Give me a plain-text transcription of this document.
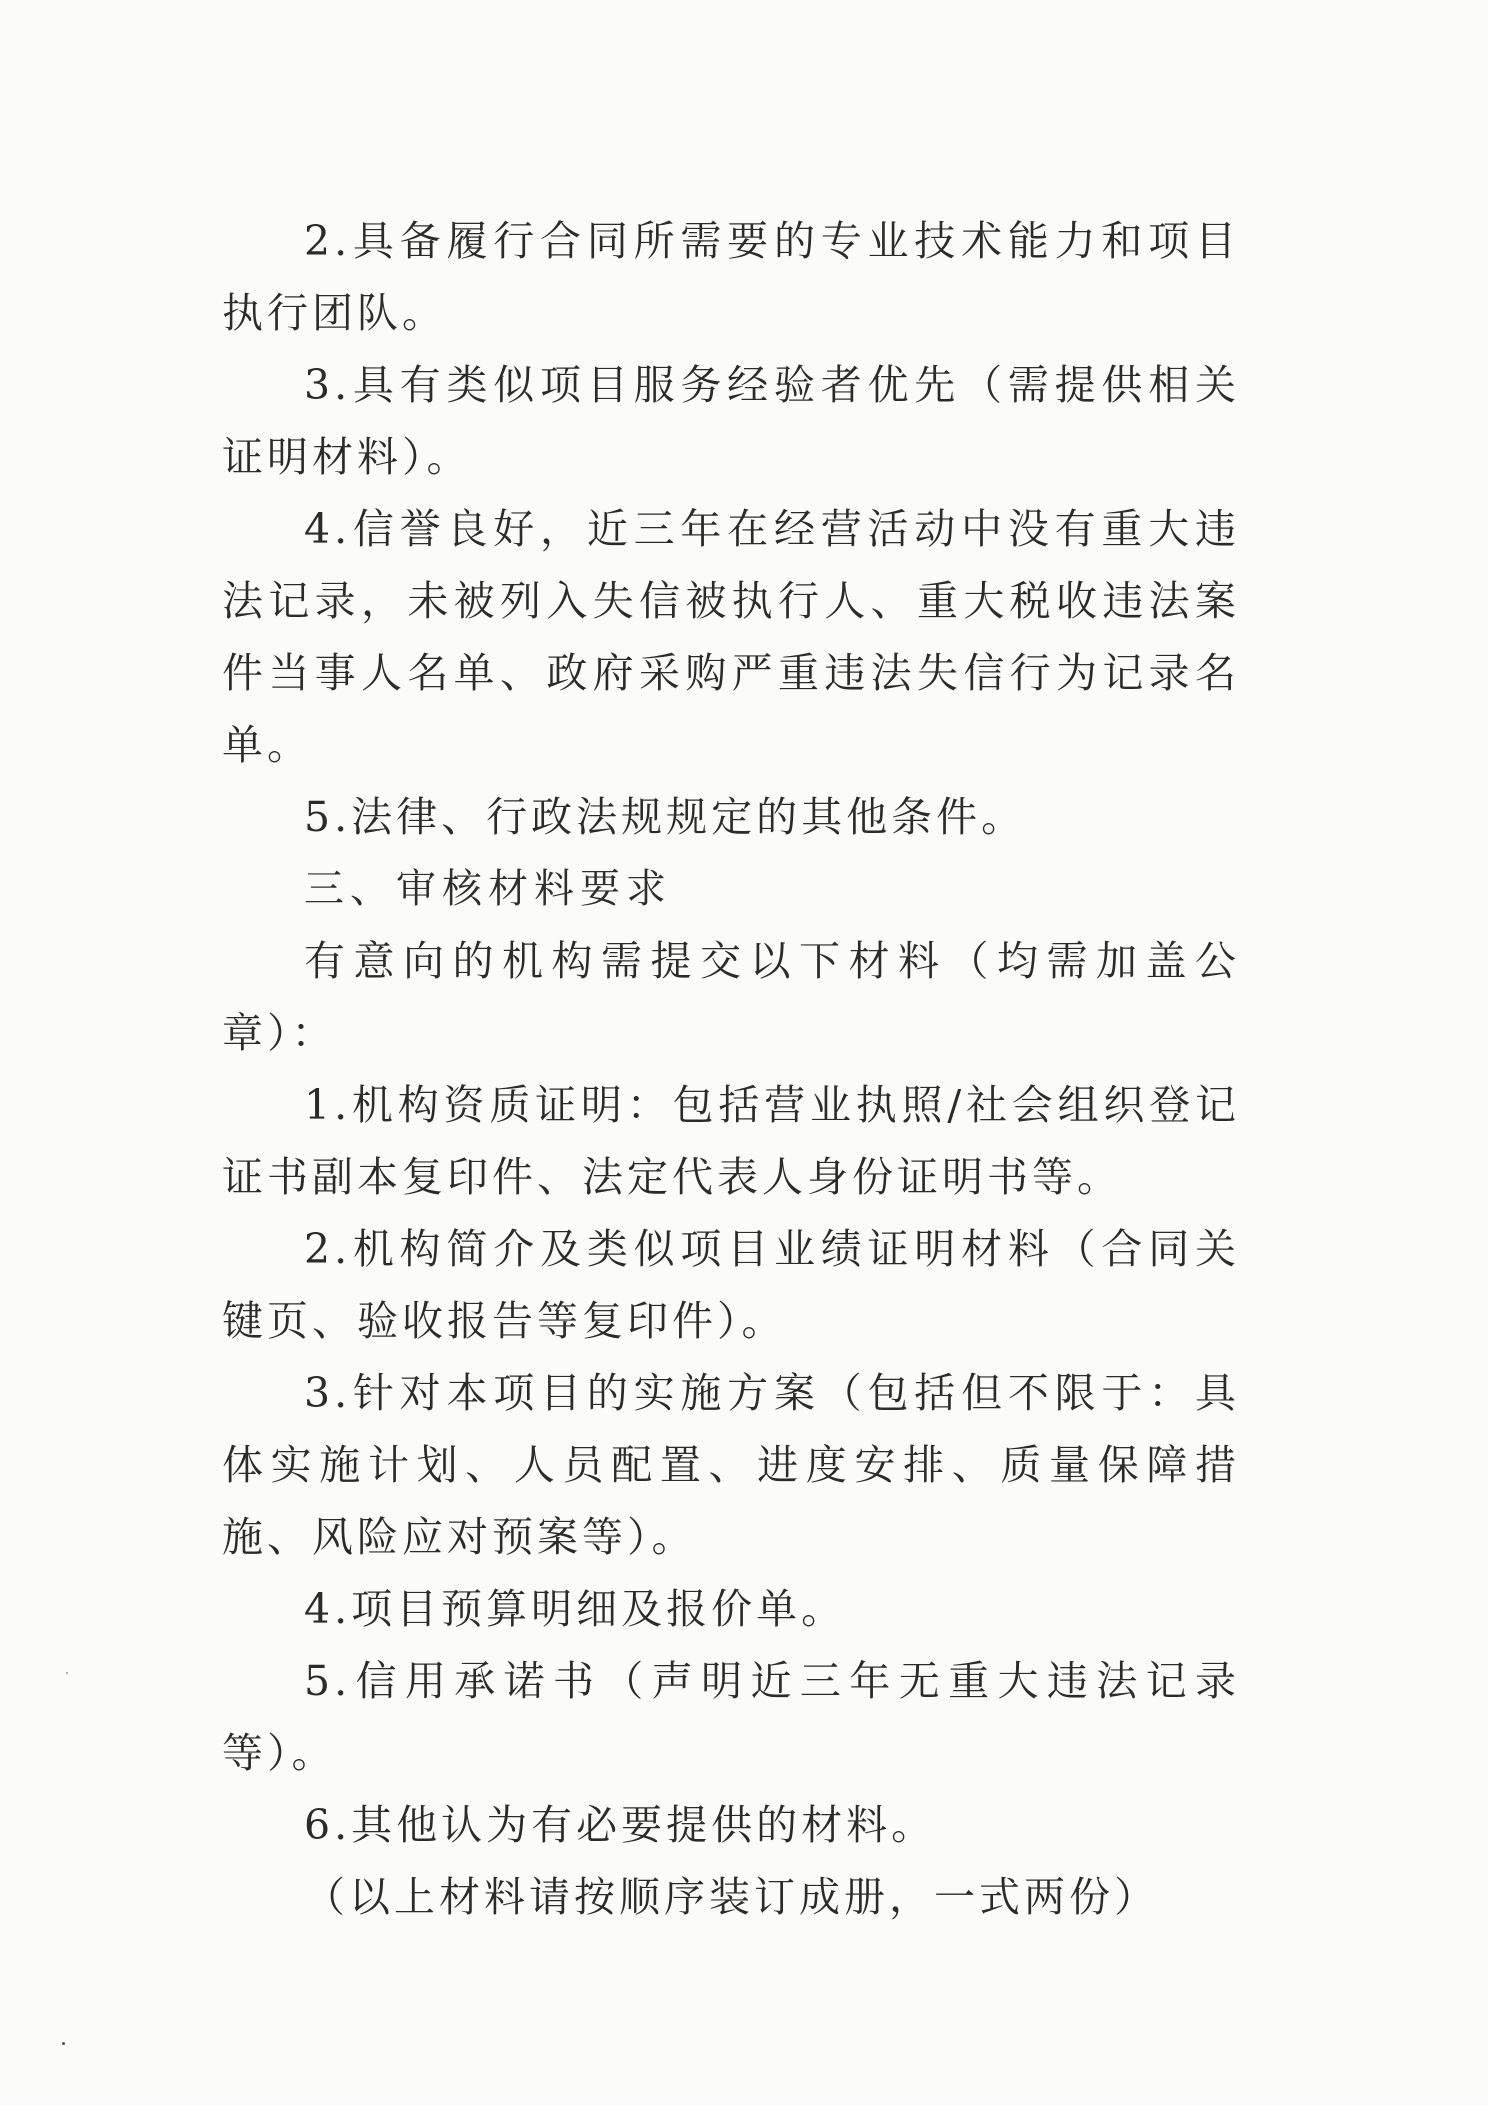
2.具备履行合同所需要的专业技术能力和项目执行团队。

3.具有类似项目服务经验者优先（需提供相关证明材料）。

4.信誉良好，近三年在经营活动中没有重大违法记录，未被列入失信被执行人、重大税收违法案件当事人名单、政府采购严重违法失信行为记录名单。

5.法律、行政法规规定的其他条件。

三、审核材料要求

有意向的机构需提交以下材料（均需加盖公章）：

1.机构资质证明：包括营业执照/社会组织登记证书副本复印件、法定代表人身份证明书等。

2.机构简介及类似项目业绩证明材料（合同关键页、验收报告等复印件）。

3.针对本项目的实施方案（包括但不限于：具体实施计划、人员配置、进度安排、质量保障措施、风险应对预案等）。

4.项目预算明细及报价单。

5.信用承诺书（声明近三年无重大违法记录等）。

6.其他认为有必要提供的材料。

（以上材料请按顺序装订成册，一式两份）
